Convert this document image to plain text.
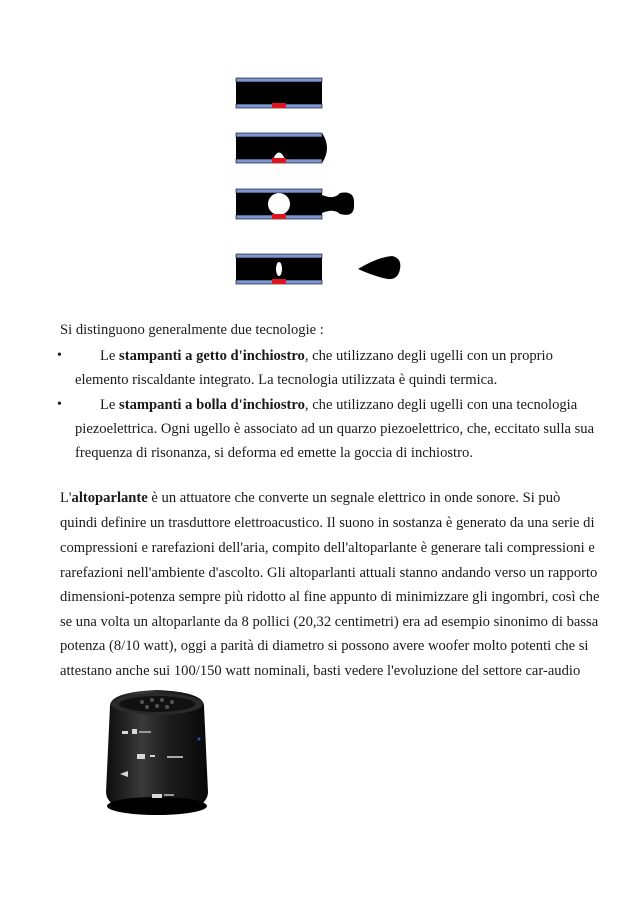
Si distinguono generalmente due tecnologie :
•	Le stampanti a getto d'inchiostro, che utilizzano degli ugelli con un proprio
elemento riscaldante integrato. La tecnologia utilizzata è quindi termica.
•	Le stampanti a bolla d'inchiostro, che utilizzano degli ugelli con una tecnologia
piezoelettrica. Ogni ugello è associato ad un quarzo piezoelettrico, che, eccitato sulla sua
frequenza di risonanza, si deforma ed emette la goccia di inchiostro.
L'altoparlante è un attuatore che converte un segnale elettrico in onde sonore. Si può
quindi definire un trasduttore elettroacustico. Il suono in sostanza è generato da una serie di
compressioni e rarefazioni dell'aria, compito dell'altoparlante è generare tali compressioni e
rarefazioni nell'ambiente d'ascolto. Gli altoparlanti attuali stanno andando verso un rapporto
dimensioni-potenza sempre più ridotto al fine appunto di minimizzare gli ingombri, così che
se una volta un altoparlante da 8 pollici (20,32 centimetri) era ad esempio sinonimo di bassa
potenza (8/10 watt), oggi a parità di diametro si possono avere woofer molto potenti che si
attestano anche sui 100/150 watt nominali, basti vedere l'evoluzione del settore car-audio
